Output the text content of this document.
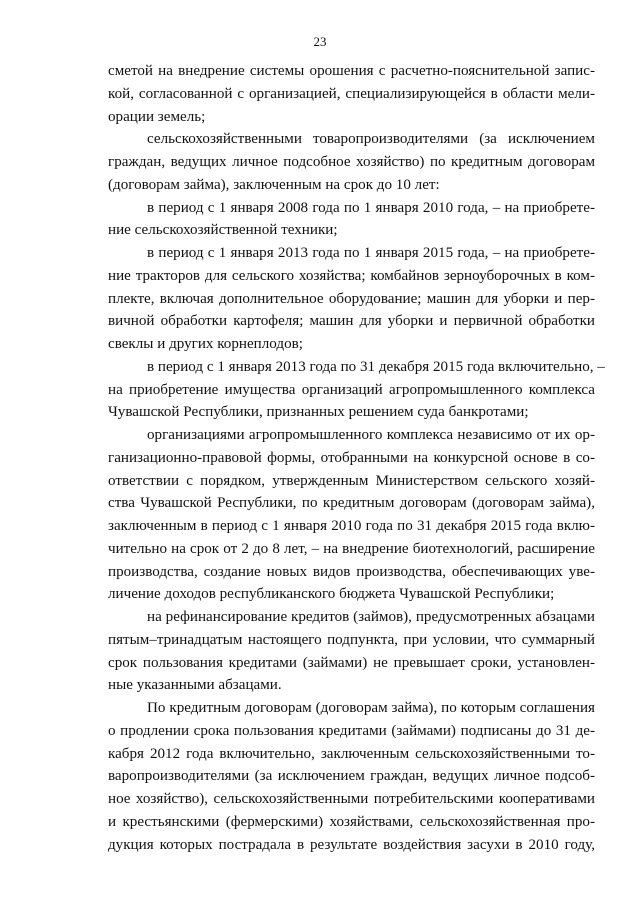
23

сметой на внедрение системы орошения с расчетно-пояснительной запис-

кой, согласованной с организацией, специализирующейся в области мели-

орации земель;

сельскохозяйственными товаропроизводителями (за исключением

граждан, ведущих личное подсобное хозяйство) по кредитным договорам

(договорам займа), заключенным на срок до 10 лет:

в период с 1 января 2008 года по 1 января 2010 года, – на приобрете-

ние сельскохозяйственной техники;

в период с 1 января 2013 года по 1 января 2015 года, – на приобрете-

ние тракторов для сельского хозяйства; комбайнов зерноуборочных в ком-

плекте, включая дополнительное оборудование; машин для уборки и пер-

вичной обработки картофеля; машин для уборки и первичной обработки

свеклы и других корнеплодов;

в период с 1 января 2013 года по 31 декабря 2015 года включительно, –

на приобретение имущества организаций агропромышленного комплекса

Чувашской Республики, признанных решением суда банкротами;

организациями агропромышленного комплекса независимо от их ор-

ганизационно-правовой формы, отобранными на конкурсной основе в со-

ответствии с порядком, утвержденным Министерством сельского хозяй-

ства Чувашской Республики, по кредитным договорам (договорам займа),

заключенным в период с 1 января 2010 года по 31 декабря 2015 года вклю-

чительно на срок от 2 до 8 лет, – на внедрение биотехнологий, расширение

производства, создание новых видов производства, обеспечивающих уве-

личение доходов республиканского бюджета Чувашской Республики;

на рефинансирование кредитов (займов), предусмотренных абзацами

пятым–тринадцатым настоящего подпункта, при условии, что суммарный

срок пользования кредитами (займами) не превышает сроки, установлен-

ные указанными абзацами.

По кредитным договорам (договорам займа), по которым соглашения

о продлении срока пользования кредитами (займами) подписаны до 31 де-

кабря 2012 года включительно, заключенным сельскохозяйственными то-

варопроизводителями (за исключением граждан, ведущих личное подсоб-

ное хозяйство), сельскохозяйственными потребительскими кооперативами

и крестьянскими (фермерскими) хозяйствами, сельскохозяйственная про-

дукция которых пострадала в результате воздействия засухи в 2010 году,
